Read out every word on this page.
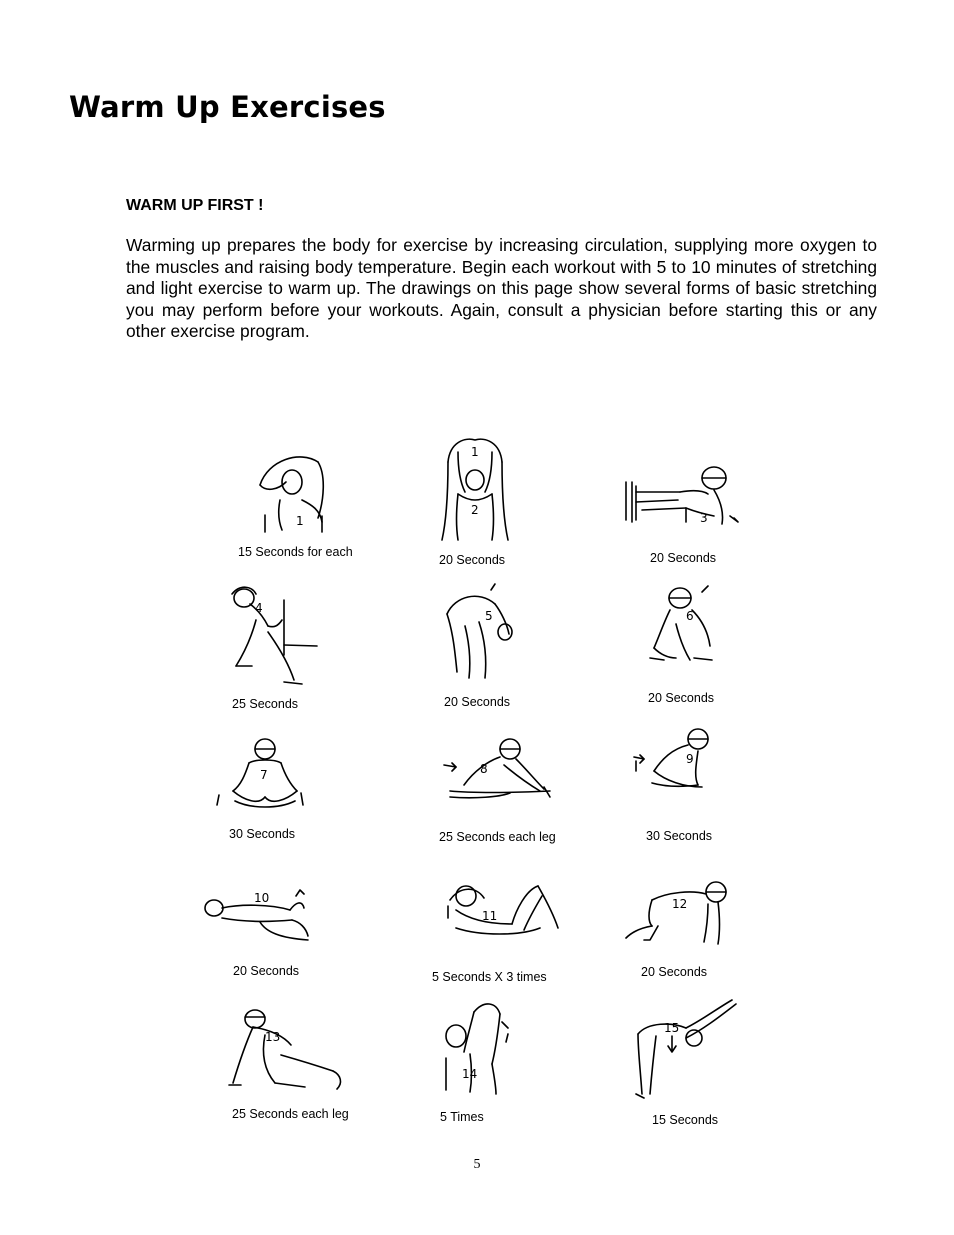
Warm Up Exercises
WARM UP FIRST !

Warming up prepares the body for exercise by increasing circulation, supplying more oxygen to the muscles and raising body temperature. Begin each workout with 5 to 10 minutes of stretching and light exercise to warm up. The drawings on this page show several forms of basic stretching you may perform before your workouts. Again, consult a physician before starting this or any other exercise program.

1
15 Seconds for each
1
2
20 Seconds
3
20 Seconds
4
25 Seconds
5
20 Seconds
6
20 Seconds
7
30 Seconds
8
25 Seconds each leg
9
30 Seconds
10
20 Seconds
11
5 Seconds X 3 times
12
20 Seconds
13
25 Seconds each leg
14
5 Times
15
15 Seconds
5
